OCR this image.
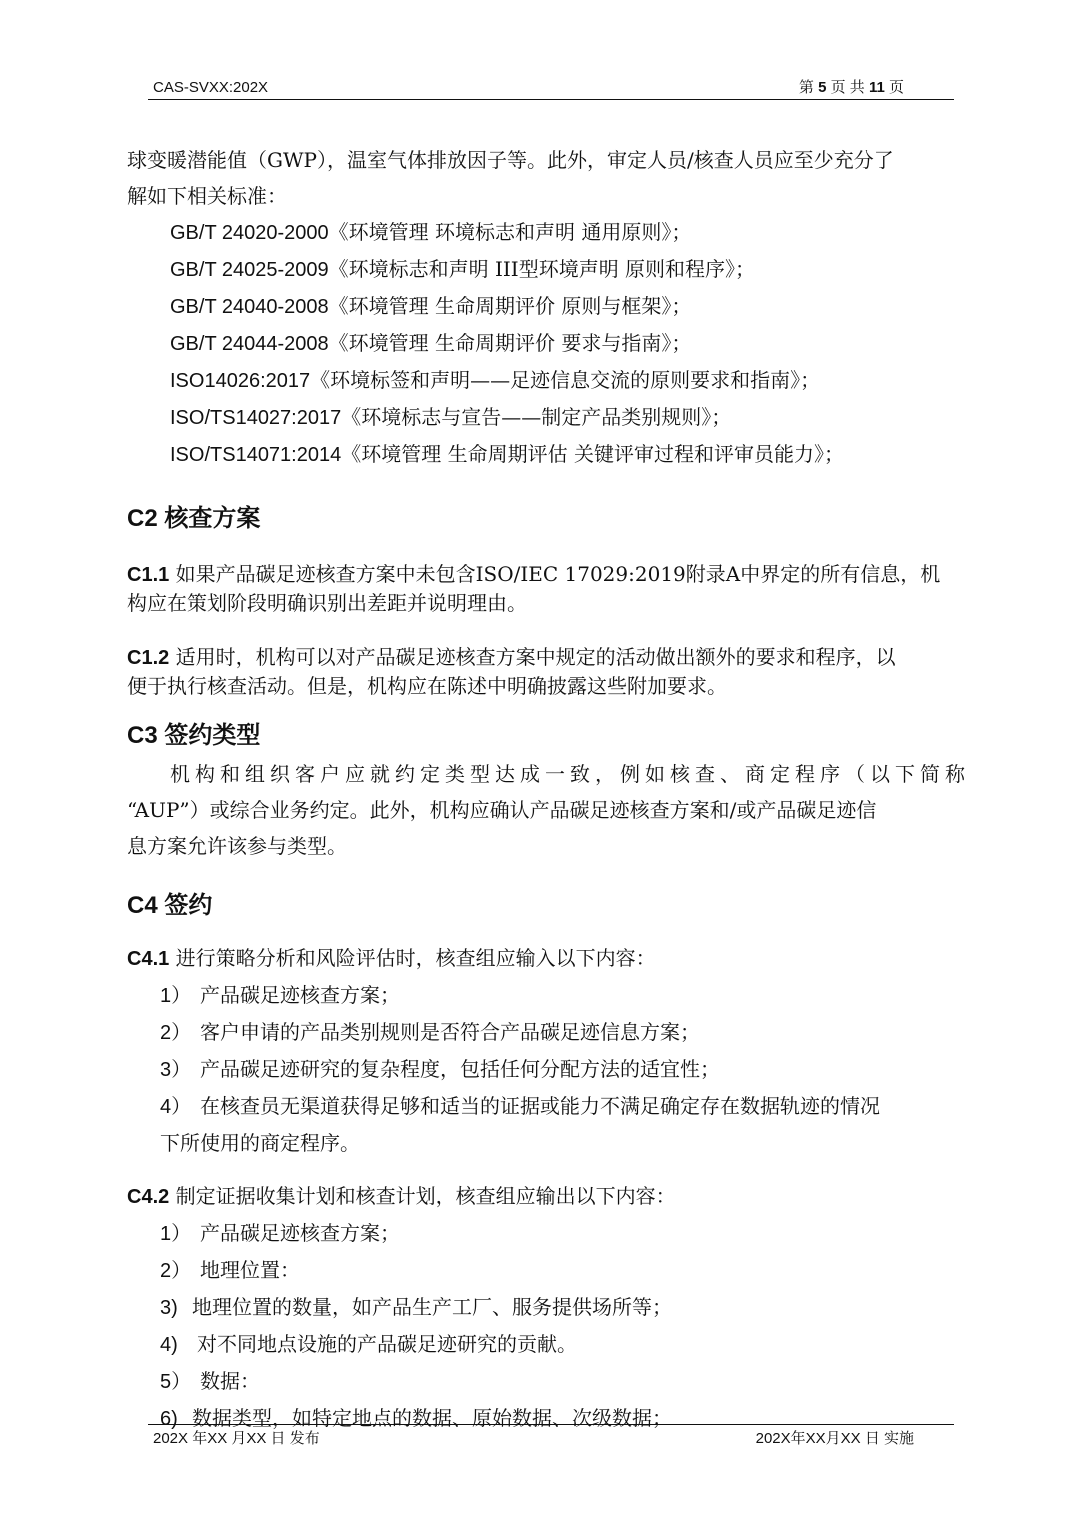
CAS-SVXX:202X	第 5 页 共 11 页

球变暖潜能值（GWP），温室气体排放因子等。此外，审定人员/核查人员应至少充分了

解如下相关标准：

GB/T 24020-2000《环境管理 环境标志和声明 通用原则》；

GB/T 24025-2009《环境标志和声明 III型环境声明 原则和程序》；

GB/T 24040-2008《环境管理 生命周期评价 原则与框架》；

GB/T 24044-2008《环境管理 生命周期评价 要求与指南》；

ISO14026:2017《环境标签和声明——足迹信息交流的原则要求和指南》；

ISO/TS14027:2017《环境标志与宣告——制定产品类别规则》；

ISO/TS14071:2014《环境管理 生命周期评估 关键评审过程和评审员能力》；

C2 核查方案

C1.1 如果产品碳足迹核查方案中未包含ISO/IEC 17029:2019附录A中界定的所有信息，机

构应在策划阶段明确识别出差距并说明理由。

C1.2 适用时，机构可以对产品碳足迹核查方案中规定的活动做出额外的要求和程序，以

便于执行核查活动。但是，机构应在陈述中明确披露这些附加要求。

C3 签约类型

机构和组织客户应就约定类型达成一致，例如核查、商定程序（以下简称

“AUP”）或综合业务约定。此外，机构应确认产品碳足迹核查方案和/或产品碳足迹信

息方案允许该参与类型。

C4 签约

C4.1 进行策略分析和风险评估时，核查组应输入以下内容：

1） 产品碳足迹核查方案；

2） 客户申请的产品类别规则是否符合产品碳足迹信息方案；

3） 产品碳足迹研究的复杂程度，包括任何分配方法的适宜性；

4） 在核查员无渠道获得足够和适当的证据或能力不满足确定存在数据轨迹的情况

下所使用的商定程序。

C4.2 制定证据收集计划和核查计划，核查组应输出以下内容：

1） 产品碳足迹核查方案；

2） 地理位置：

3) 地理位置的数量，如产品生产工厂、服务提供场所等；

4) 对不同地点设施的产品碳足迹研究的贡献。

5） 数据：

6) 数据类型，如特定地点的数据、原始数据、次级数据；

202X 年XX 月XX 日 发布	202X年XX月XX 日 实施
